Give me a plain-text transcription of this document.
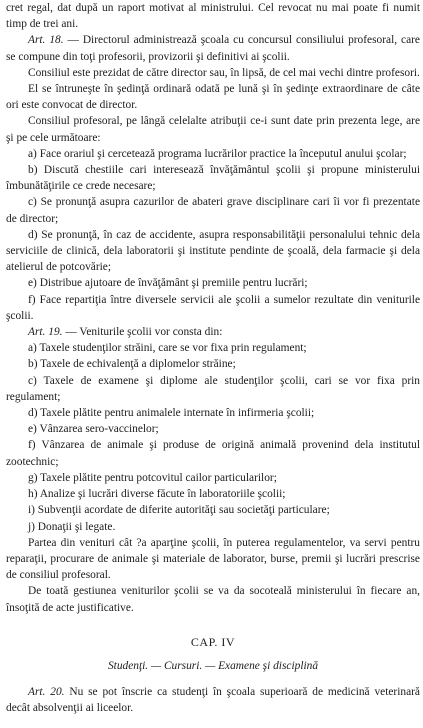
cret regal, dat după un raport motivat al ministrului. Cel revocat nu mai poate fi numit timp de trei ani.

Art. 18. — Directorul administrează şcoala cu concursul consiliului profesoral, care se compune din toţi profesorii, provizorii şi definitivi ai şcolii.

Consiliul este prezidat de către director sau, în lipsă, de cel mai vechi dintre profesori.

El se întruneşte în şedinţă ordinară odată pe lună şi în şedinţe extraordinare de câte ori este convocat de director.

Consiliul profesoral, pe lângă celelalte atribuţii ce-i sunt date prin prezenta lege, are şi pe cele următoare:

a) Face orariul şi cercetează programa lucrărilor practice la începutul anului şcolar;

b) Discută chestiile cari interesează învăţământul şcolii şi propune ministerului îmbunătăţirile ce crede necesare;

c) Se pronunţă asupra cazurilor de abateri grave disciplinare cari îi vor fi prezentate de director;

d) Se pronunţă, în caz de accidente, asupra responsabilităţii personalului tehnic dela serviciile de clinică, dela laboratorii şi institute pendinte de şcoală, dela farmacie şi dela atelierul de potcovărie;

e) Distribue ajutoare de învăţământ şi premiile pentru lucrări;

f) Face repartiţia între diversele servicii ale şcolii a sumelor rezultate din veniturile şcolii.

Art. 19. — Veniturile şcolii vor consta din:

a) Taxele studenţilor străini, care se vor fixa prin regulament;

b) Taxele de echivalenţă a diplomelor străine;

c) Taxele de examene şi diplome ale studenţilor şcolii, cari se vor fixa prin regulament;

d) Taxele plătite pentru animalele internate în infirmeria şcolii;

e) Vânzarea sero-vaccinelor;

f) Vânzarea de animale şi produse de origină animală provenind dela institutul zootechnic;

g) Taxele plătite pentru potcovitul cailor particularilor;

h) Analize şi lucrări diverse făcute în laboratoriile şcolii;

i) Subvenţii acordate de diferite autorităţi sau societăţi particulare;

j) Donaţii şi legate.

Partea din venituri cât ?a aparţine şcolii, în puterea regulamentelor, va servi pentru reparaţii, procurare de animale şi materiale de laborator, burse, premii şi lucrări prescrise de consiliul profesoral.

De toată gestiunea veniturilor şcolii se va da socoteală ministerului în fiecare an, însoţită de acte justificative.

CAP. IV
Studenţi. — Cursuri. — Examene şi disciplină

Art. 20. Nu se pot înscrie ca studenţi în şcoala superioară de medicină veterinară decât absolvenţii ai liceelor.
